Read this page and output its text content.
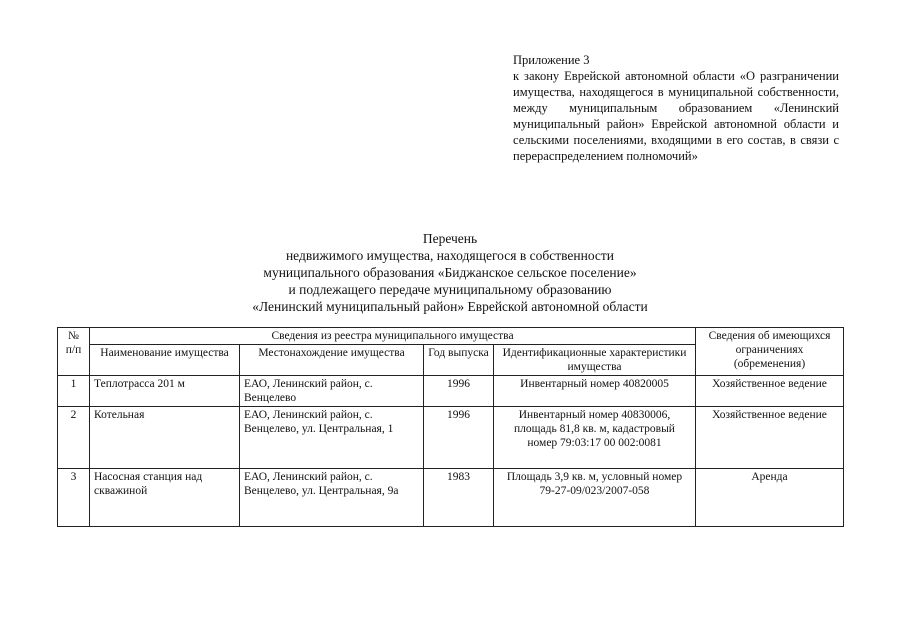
Приложение 3
к закону Еврейской автономной области «О разграничении имущества, находящегося в муниципальной собственности, между муниципальным образованием «Ленинский муниципальный район» Еврейской автономной области и сельскими поселениями, входящими в его состав, в связи с перераспределением полномочий»
Перечень
недвижимого имущества, находящегося в собственности
муниципального образования «Биджанское сельское поселение»
и подлежащего передаче муниципальному образованию
«Ленинский муниципальный район» Еврейской автономной области
№ п/п	Сведения из реестра муниципального имущества				Сведения об имеющихся ограничениях (обременения)
	Наименование имущества	Местонахождение имущества	Год выпуска	Идентификационные характеристики имущества	
1	Теплотрасса 201 м	ЕАО, Ленинский район, с. Венцелево	1996	Инвентарный номер 40820005	Хозяйственное ведение
2	Котельная	ЕАО, Ленинский район, с. Венцелево, ул. Центральная, 1	1996	Инвентарный номер 40830006, площадь 81,8 кв. м, кадастровый номер 79:03:17 00 002:0081	Хозяйственное ведение
3	Насосная станция над скважиной	ЕАО, Ленинский район, с. Венцелево, ул. Центральная, 9а	1983	Площадь 3,9 кв. м, условный номер 79-27-09/023/2007-058	Аренда
